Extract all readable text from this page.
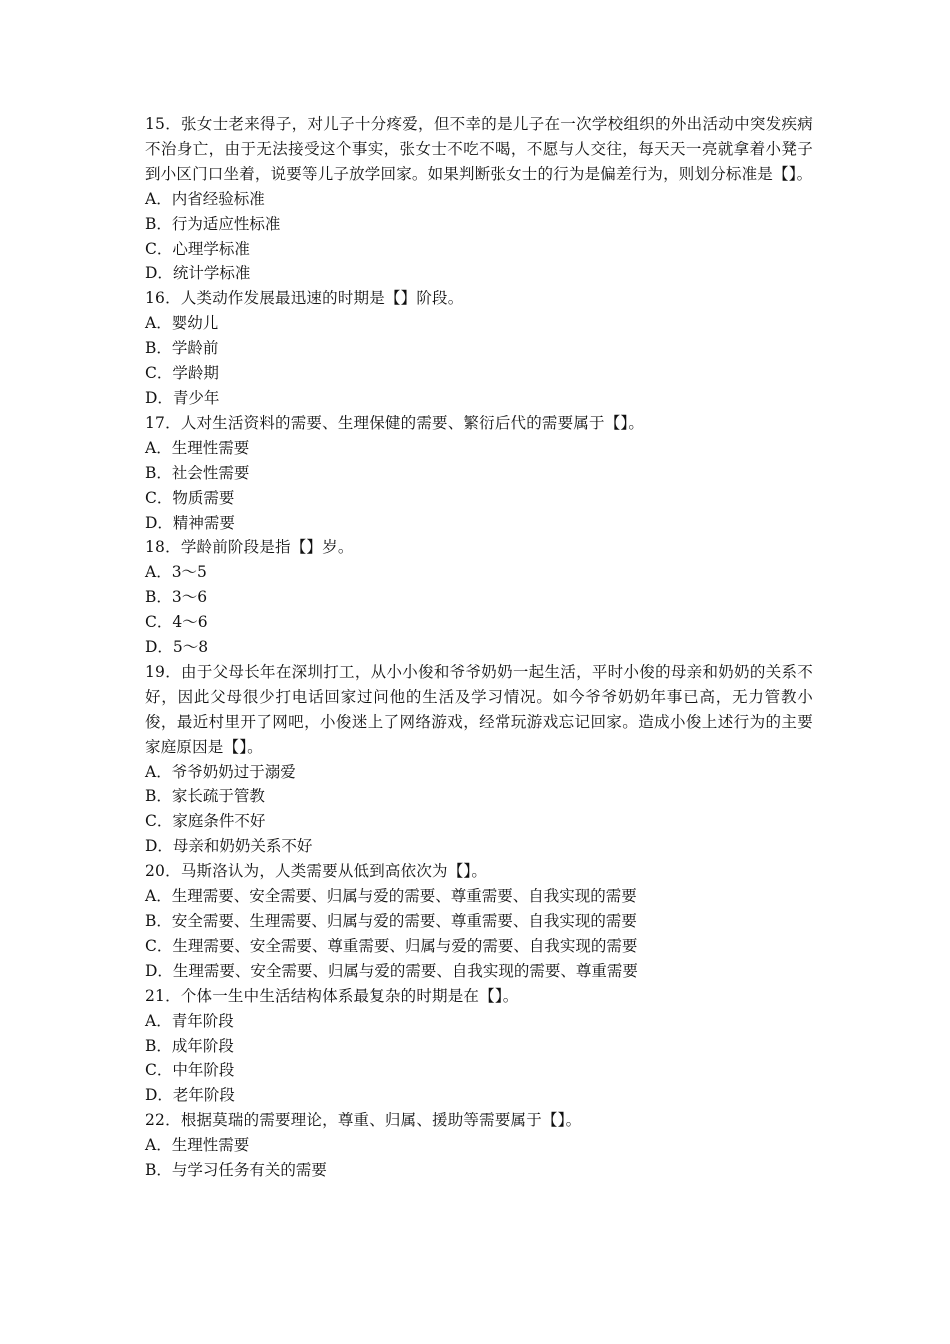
15．张女士老来得子，对儿子十分疼爱，但不幸的是儿子在一次学校组织的外出活动中突发疾病不治身亡，由于无法接受这个事实，张女士不吃不喝，不愿与人交往，每天天一亮就拿着小凳子到小区门口坐着，说要等儿子放学回家。如果判断张女士的行为是偏差行为，则划分标准是【】。

A．内省经验标准

B．行为适应性标准

C．心理学标准

D．统计学标准

16．人类动作发展最迅速的时期是【】阶段。

A．婴幼儿

B．学龄前

C．学龄期

D．青少年

17．人对生活资料的需要、生理保健的需要、繁衍后代的需要属于【】。

A．生理性需要

B．社会性需要

C．物质需要

D．精神需要

18．学龄前阶段是指【】岁。

A．3～5

B．3～6

C．4～6

D．5～8

19．由于父母长年在深圳打工，从小小俊和爷爷奶奶一起生活，平时小俊的母亲和奶奶的关系不好，因此父母很少打电话回家过问他的生活及学习情况。如今爷爷奶奶年事已高，无力管教小俊，最近村里开了网吧，小俊迷上了网络游戏，经常玩游戏忘记回家。造成小俊上述行为的主要家庭原因是【】。

A．爷爷奶奶过于溺爱

B．家长疏于管教

C．家庭条件不好

D．母亲和奶奶关系不好

20．马斯洛认为，人类需要从低到高依次为【】。

A．生理需要、安全需要、归属与爱的需要、尊重需要、自我实现的需要

B．安全需要、生理需要、归属与爱的需要、尊重需要、自我实现的需要

C．生理需要、安全需要、尊重需要、归属与爱的需要、自我实现的需要

D．生理需要、安全需要、归属与爱的需要、自我实现的需要、尊重需要

21．个体一生中生活结构体系最复杂的时期是在【】。

A．青年阶段

B．成年阶段

C．中年阶段

D．老年阶段

22．根据莫瑞的需要理论，尊重、归属、援助等需要属于【】。

A．生理性需要

B．与学习任务有关的需要
